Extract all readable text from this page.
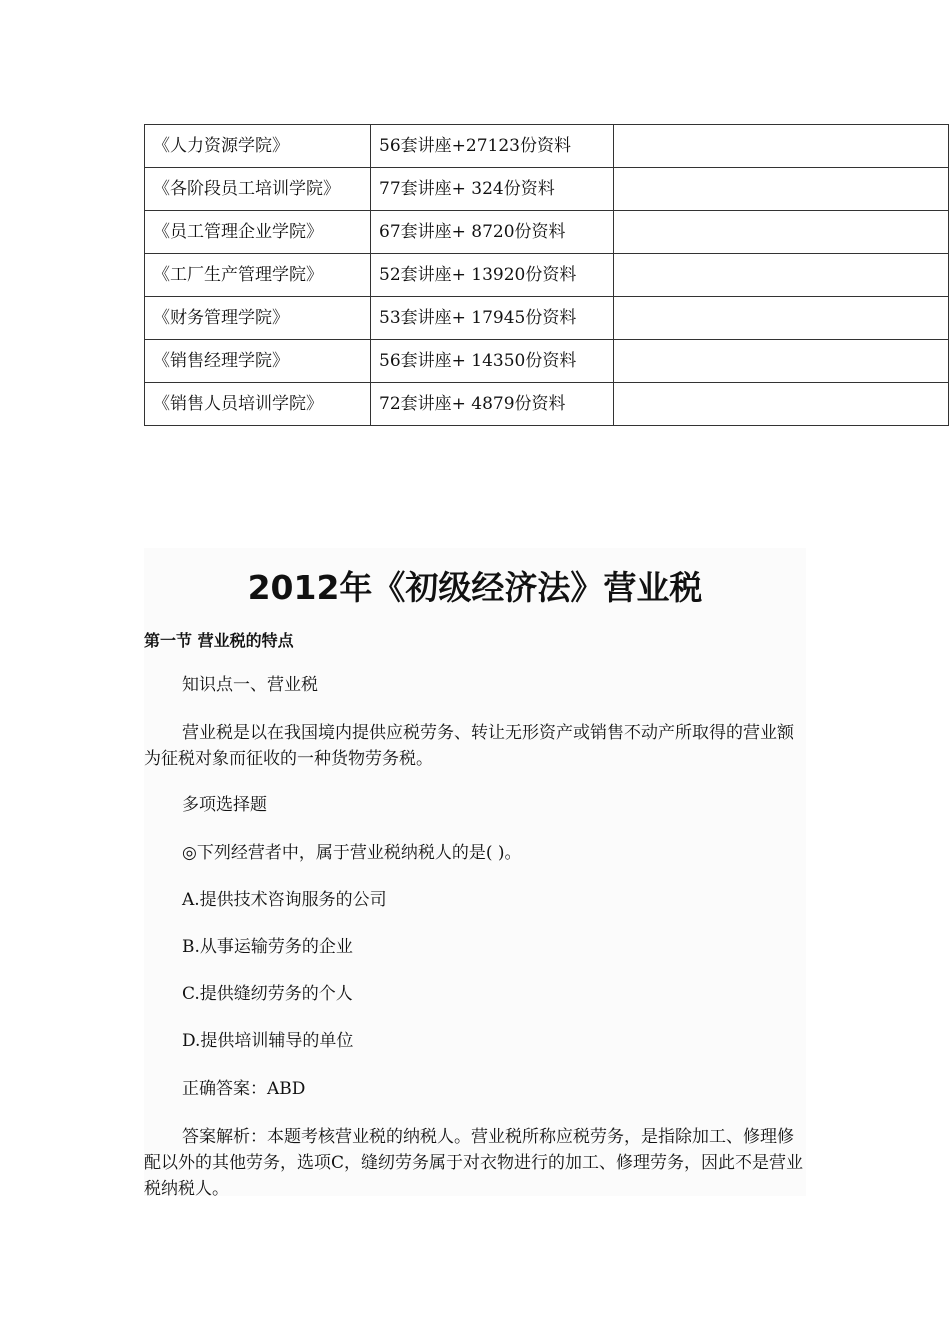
《人力资源学院》	56套讲座+27123份资料	
《各阶段员工培训学院》	77套讲座+ 324份资料	
《员工管理企业学院》	67套讲座+ 8720份资料	
《工厂生产管理学院》	52套讲座+ 13920份资料	
《财务管理学院》	53套讲座+ 17945份资料	
《销售经理学院》	56套讲座+ 14350份资料	
《销售人员培训学院》	72套讲座+ 4879份资料	
2012年《初级经济法》营业税
第一节 营业税的特点

知识点一、营业税

营业税是以在我国境内提供应税劳务、转让无形资产或销售不动产所取得的营业额为征税对象而征收的一种货物劳务税。

多项选择题

◎下列经营者中，属于营业税纳税人的是( )。

A.提供技术咨询服务的公司

B.从事运输劳务的企业

C.提供缝纫劳务的个人

D.提供培训辅导的单位

正确答案：ABD

答案解析：本题考核营业税的纳税人。营业税所称应税劳务，是指除加工、修理修配以外的其他劳务，选项C，缝纫劳务属于对衣物进行的加工、修理劳务，因此不是营业税纳税人。
